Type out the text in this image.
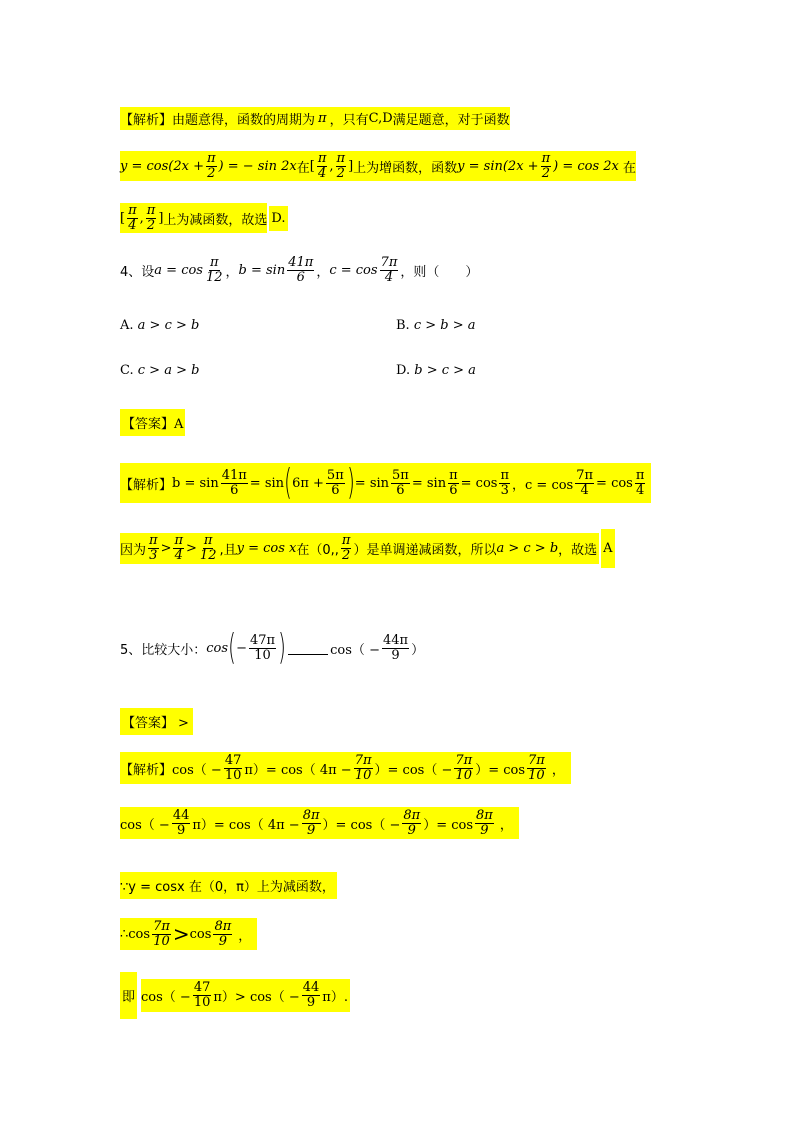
【解析】 由题意得，函数的周期为 π ，只有 C,D 满足题意，对于函数
$y = \cos(2x + \frac{\pi}{2}$ ) = − sin 2x 在 [ $\frac{\pi}{4}$ , $\frac{\pi}{2}$ ] 上为增函数，函数 $y = \sin(2x + \frac{\pi}{2}$ ) = cos 2x 在
[ $\frac{\pi}{4}$ , $\frac{\pi}{2}$ ] 上为减函数，故选 D.
4、设 $a = \cos \frac{\pi}{12}$ ， $b = \sin \frac{41\pi}{6}$ ， $c = \cos \frac{7\pi}{4}$ ，则（　　）
A. a > c > b	B. c > b > a
C. c > a > b	D. b > c > a
【答案】A
【解析】 $b = \sin \frac{41\pi}{6} = \sin$ ( $6\pi + \frac{5\pi}{6}$ ) = $\sin \frac{5\pi}{6} = \sin \frac{\pi}{6} = \cos \frac{\pi}{3}$ ，$c = \cos \frac{7\pi}{4} = \cos \frac{\pi}{4}$
因为 $\frac{\pi}{3} > \frac{\pi}{4} > \frac{\pi}{12}$ ,且 y = cos x 在（0,, $\frac{\pi}{2}$ ）是单调递减函数，所以 a > c > b ，故选 A
5、比较大小： cos ( − $\frac{47\pi}{10}$ )	$\cos( - \frac{44\pi}{9}$ ）
【答案】 >
【解析】 $\cos( - \frac{47}{10} \pi)= \cos$（ $4\pi - \frac{7\pi}{10}$ ）= $\cos( - \frac{7\pi}{10}$ ）= $\cos \frac{7\pi}{10}$ ，
$\cos( - \frac{44}{9} \pi)= \cos$（ $4\pi - \frac{8\pi}{9}$ ）= $\cos( - \frac{8\pi}{9}$ ）= $\cos \frac{8\pi}{9}$ ，
∵y = cosx 在（0，π）上为减函数，
∴cos $\frac{7\pi}{10} > \cos \frac{8\pi}{9}$ ，
即 $\cos( - \frac{47}{10} \pi)> \cos( - \frac{44}{9} \pi)$.
